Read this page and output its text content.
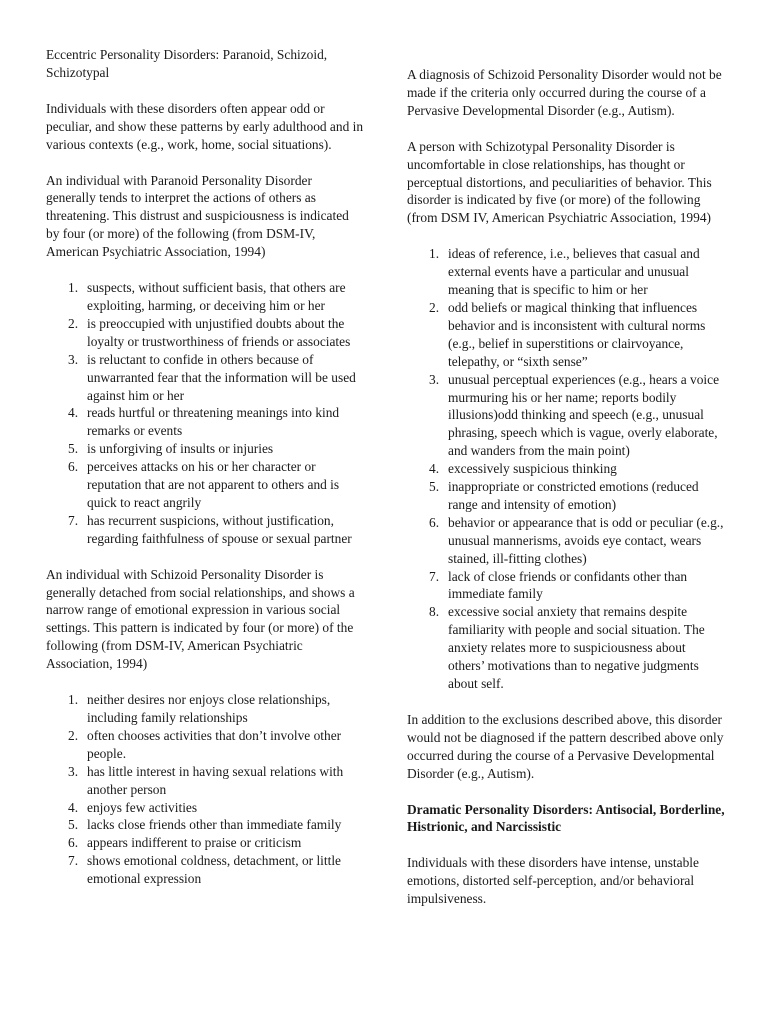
Eccentric Personality Disorders: Paranoid, Schizoid, Schizotypal

Individuals with these disorders often appear odd or peculiar, and show these patterns by early adulthood and in various contexts (e.g., work, home, social situations).

An individual with Paranoid Personality Disorder generally tends to interpret the actions of others as threatening. This distrust and suspiciousness is indicated by four (or more) of the following (from DSM-IV, American Psychiatric Association, 1994)

1. suspects, without sufficient basis, that others are exploiting, harming, or deceiving him or her
2. is preoccupied with unjustified doubts about the loyalty or trustworthiness of friends or associates
3. is reluctant to confide in others because of unwarranted fear that the information will be used against him or her
4. reads hurtful or threatening meanings into kind remarks or events
5. is unforgiving of insults or injuries
6. perceives attacks on his or her character or reputation that are not apparent to others and is quick to react angrily
7. has recurrent suspicions, without justification, regarding faithfulness of spouse or sexual partner

An individual with Schizoid Personality Disorder is generally detached from social relationships, and shows a narrow range of emotional expression in various social settings. This pattern is indicated by four (or more) of the following (from DSM-IV, American Psychiatric Association, 1994)

1. neither desires nor enjoys close relationships, including family relationships
2. often chooses activities that don’t involve other people.
3. has little interest in having sexual relations with another person
4. enjoys few activities
5. lacks close friends other than immediate family
6. appears indifferent to praise or criticism
7. shows emotional coldness, detachment, or little emotional expression

A diagnosis of Schizoid Personality Disorder would not be made if the criteria only occurred during the course of a Pervasive Developmental Disorder (e.g., Autism).

A person with Schizotypal Personality Disorder is uncomfortable in close relationships, has thought or perceptual distortions, and peculiarities of behavior. This disorder is indicated by five (or more) of the following (from DSM IV, American Psychiatric Association, 1994)

1. ideas of reference, i.e., believes that casual and external events have a particular and unusual meaning that is specific to him or her
2. odd beliefs or magical thinking that influences behavior and is inconsistent with cultural norms (e.g., belief in superstitions or clairvoyance, telepathy, or “sixth sense”
3. unusual perceptual experiences (e.g., hears a voice murmuring his or her name; reports bodily illusions)odd thinking and speech (e.g., unusual phrasing, speech which is vague, overly elaborate, and wanders from the main point)
4. excessively suspicious thinking
5. inappropriate or constricted emotions (reduced range and intensity of emotion)
6. behavior or appearance that is odd or peculiar (e.g., unusual mannerisms, avoids eye contact, wears stained, ill-fitting clothes)
7. lack of close friends or confidants other than immediate family
8. excessive social anxiety that remains despite familiarity with people and social situation. The anxiety relates more to suspiciousness about others’ motivations than to negative judgments about self.

In addition to the exclusions described above, this disorder would not be diagnosed if the pattern described above only occurred during the course of a Pervasive Developmental Disorder (e.g., Autism).

Dramatic Personality Disorders: Antisocial, Borderline, Histrionic, and Narcissistic

Individuals with these disorders have intense, unstable emotions, distorted self-perception, and/or behavioral impulsiveness.
